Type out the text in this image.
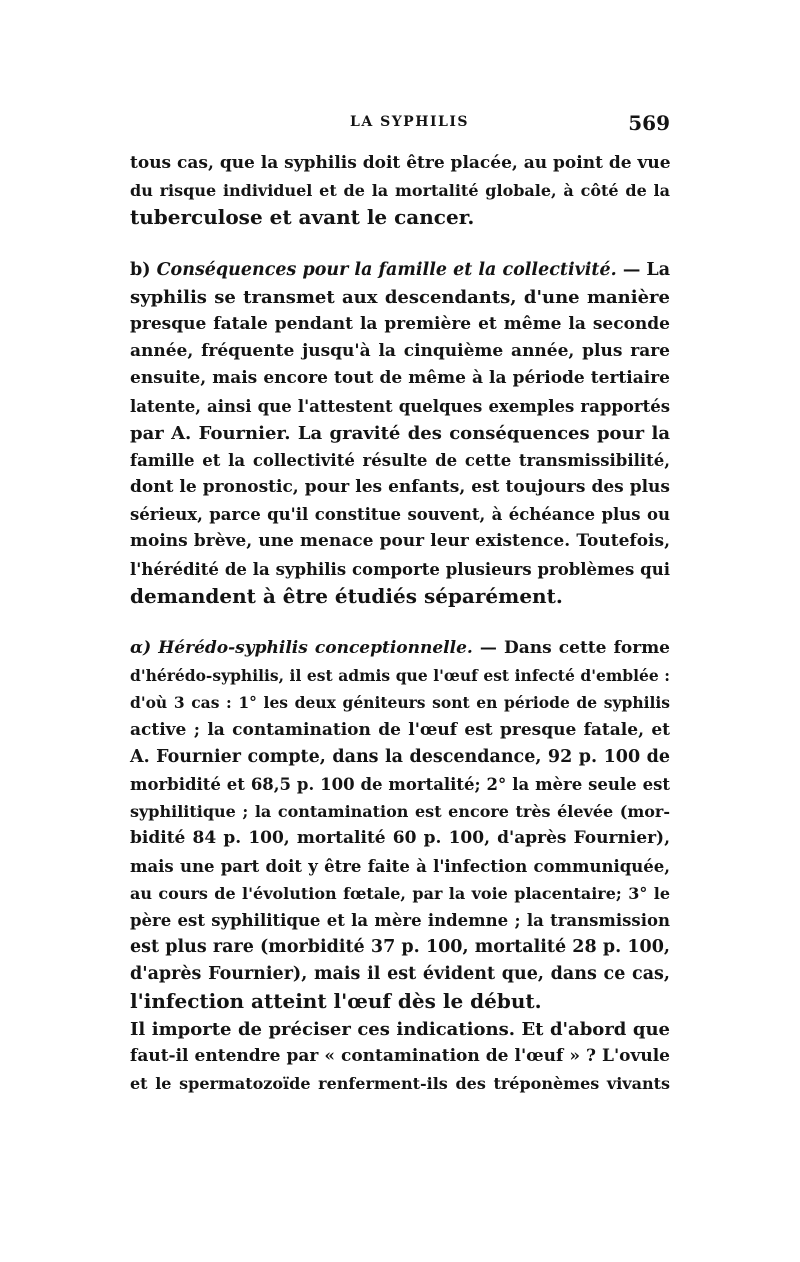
LA SYPHILIS	569
tous cas, que la syphilis doit être placée, au point de vue
du risque individuel et de la mortalité globale, à côté de la
tuberculose et avant le cancer.
b) Conséquences pour la famille et la collectivité. — La
syphilis se transmet aux descendants, d'une manière
presque fatale pendant la première et même la seconde
année, fréquente jusqu'à la cinquième année, plus rare
ensuite, mais encore tout de même à la période tertiaire
latente, ainsi que l'attestent quelques exemples rapportés
par A. Fournier. La gravité des conséquences pour la
famille et la collectivité résulte de cette transmissibilité,
dont le pronostic, pour les enfants, est toujours des plus
sérieux, parce qu'il constitue souvent, à échéance plus ou
moins brève, une menace pour leur existence. Toutefois,
l'hérédité de la syphilis comporte plusieurs problèmes qui
demandent à être étudiés séparément.
α) Hérédo-syphilis conceptionnelle. — Dans cette forme
d'hérédo-syphilis, il est admis que l'œuf est infecté d'emblée :
d'où 3 cas : 1° les deux géniteurs sont en période de syphilis
active ; la contamination de l'œuf est presque fatale, et
A. Fournier compte, dans la descendance, 92 p. 100 de
morbidité et 68,5 p. 100 de mortalité; 2° la mère seule est
syphilitique ; la contamination est encore très élevée (mor-
bidité 84 p. 100, mortalité 60 p. 100, d'après Fournier),
mais une part doit y être faite à l'infection communiquée,
au cours de l'évolution fœtale, par la voie placentaire; 3° le
père est syphilitique et la mère indemne ; la transmission
est plus rare (morbidité 37 p. 100, mortalité 28 p. 100,
d'après Fournier), mais il est évident que, dans ce cas,
l'infection atteint l'œuf dès le début.
Il importe de préciser ces indications. Et d'abord que
faut-il entendre par « contamination de l'œuf » ? L'ovule
et le spermatozoïde renferment-ils des tréponèmes vivants
